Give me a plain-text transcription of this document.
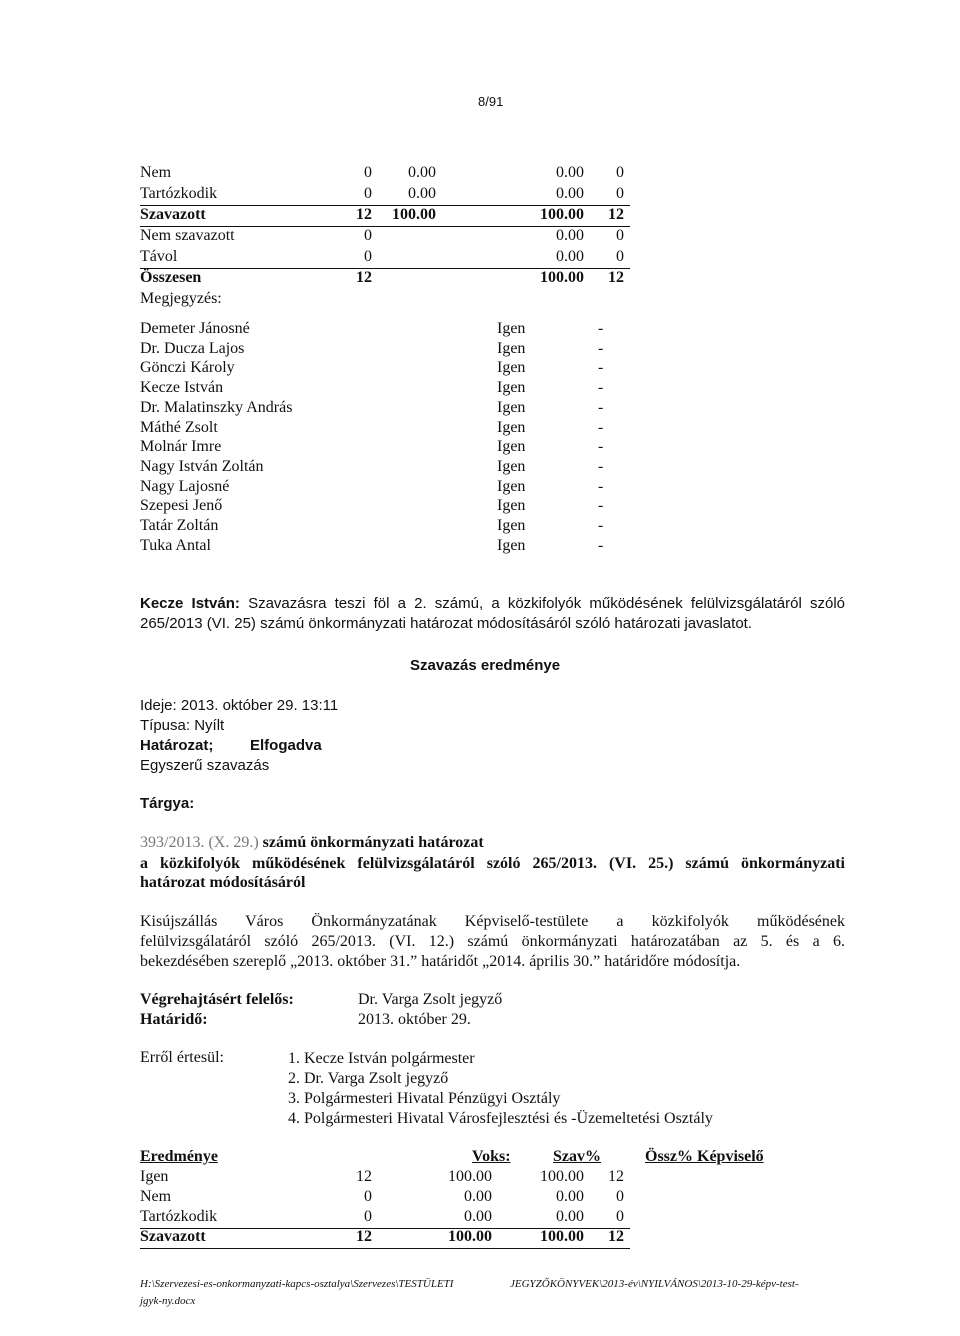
8/91
Nem	0 0.00	0.00 0
Tartózkodik	0 0.00	0.00 0
Szavazott	12 100.00	100.00 12
Nem szavazott	0	0.00 0
Távol	0	0.00 0
Összesen	12	100.00 12
Megjegyzés:
Demeter Jánosné	Igen	-
Dr. Ducza Lajos	Igen	-
Gönczi Károly	Igen	-
Kecze István	Igen	-
Dr. Malatinszky András	Igen	-
Máthé Zsolt	Igen	-
Molnár Imre	Igen	-
Nagy István Zoltán	Igen	-
Nagy Lajosné	Igen	-
Szepesi Jenő	Igen	-
Tatár Zoltán	Igen	-
Tuka Antal	Igen	-
Kecze István: Szavazásra teszi föl a 2. számú, a közkifolyók működésének felülvizsgálatáról szóló
265/2013 (VI. 25) számú önkormányzati határozat módosításáról szóló határozati javaslatot.
Szavazás eredménye
Ideje: 2013. október 29. 13:11
Típusa: Nyílt
Határozat; Elfogadva
Egyszerű szavazás
Tárgya:
393/2013. (X. 29.) számú önkormányzati határozat
a közkifolyók működésének felülvizsgálatáról szóló 265/2013. (VI. 25.) számú önkormányzati
határozat módosításáról
Kisújszállás Város Önkormányzatának Képviselő-testülete a közkifolyók működésének
felülvizsgálatáról szóló 265/2013. (VI. 12.) számú önkormányzati határozatában az 5. és a 6.
bekezdésében szereplő „2013. október 31.” határidőt „2014. április 30.” határidőre módosítja.
Végrehajtásért felelős:	Dr. Varga Zsolt jegyző
Határidő:	2013. október 29.
Erről értesül:	1. Kecze István polgármester
2. Dr. Varga Zsolt jegyző
3. Polgármesteri Hivatal Pénzügyi Osztály
4. Polgármesteri Hivatal Városfejlesztési és -Üzemeltetési Osztály
Eredménye	Voks:	Szav%	Össz% Képviselő
Igen	12	100.00	100.00 12
Nem	0	0.00	0.00 0
Tartózkodik	0	0.00	0.00 0
Szavazott	12	100.00	100.00 12
H:\Szervezesi-es-onkormanyzati-kapcs-osztalya\Szervezes\TESTÜLETI	JEGYZŐKÖNYVEK\2013-év\NYILVÁNOS\2013-10-29-képv-test-
jgyk-ny.docx
